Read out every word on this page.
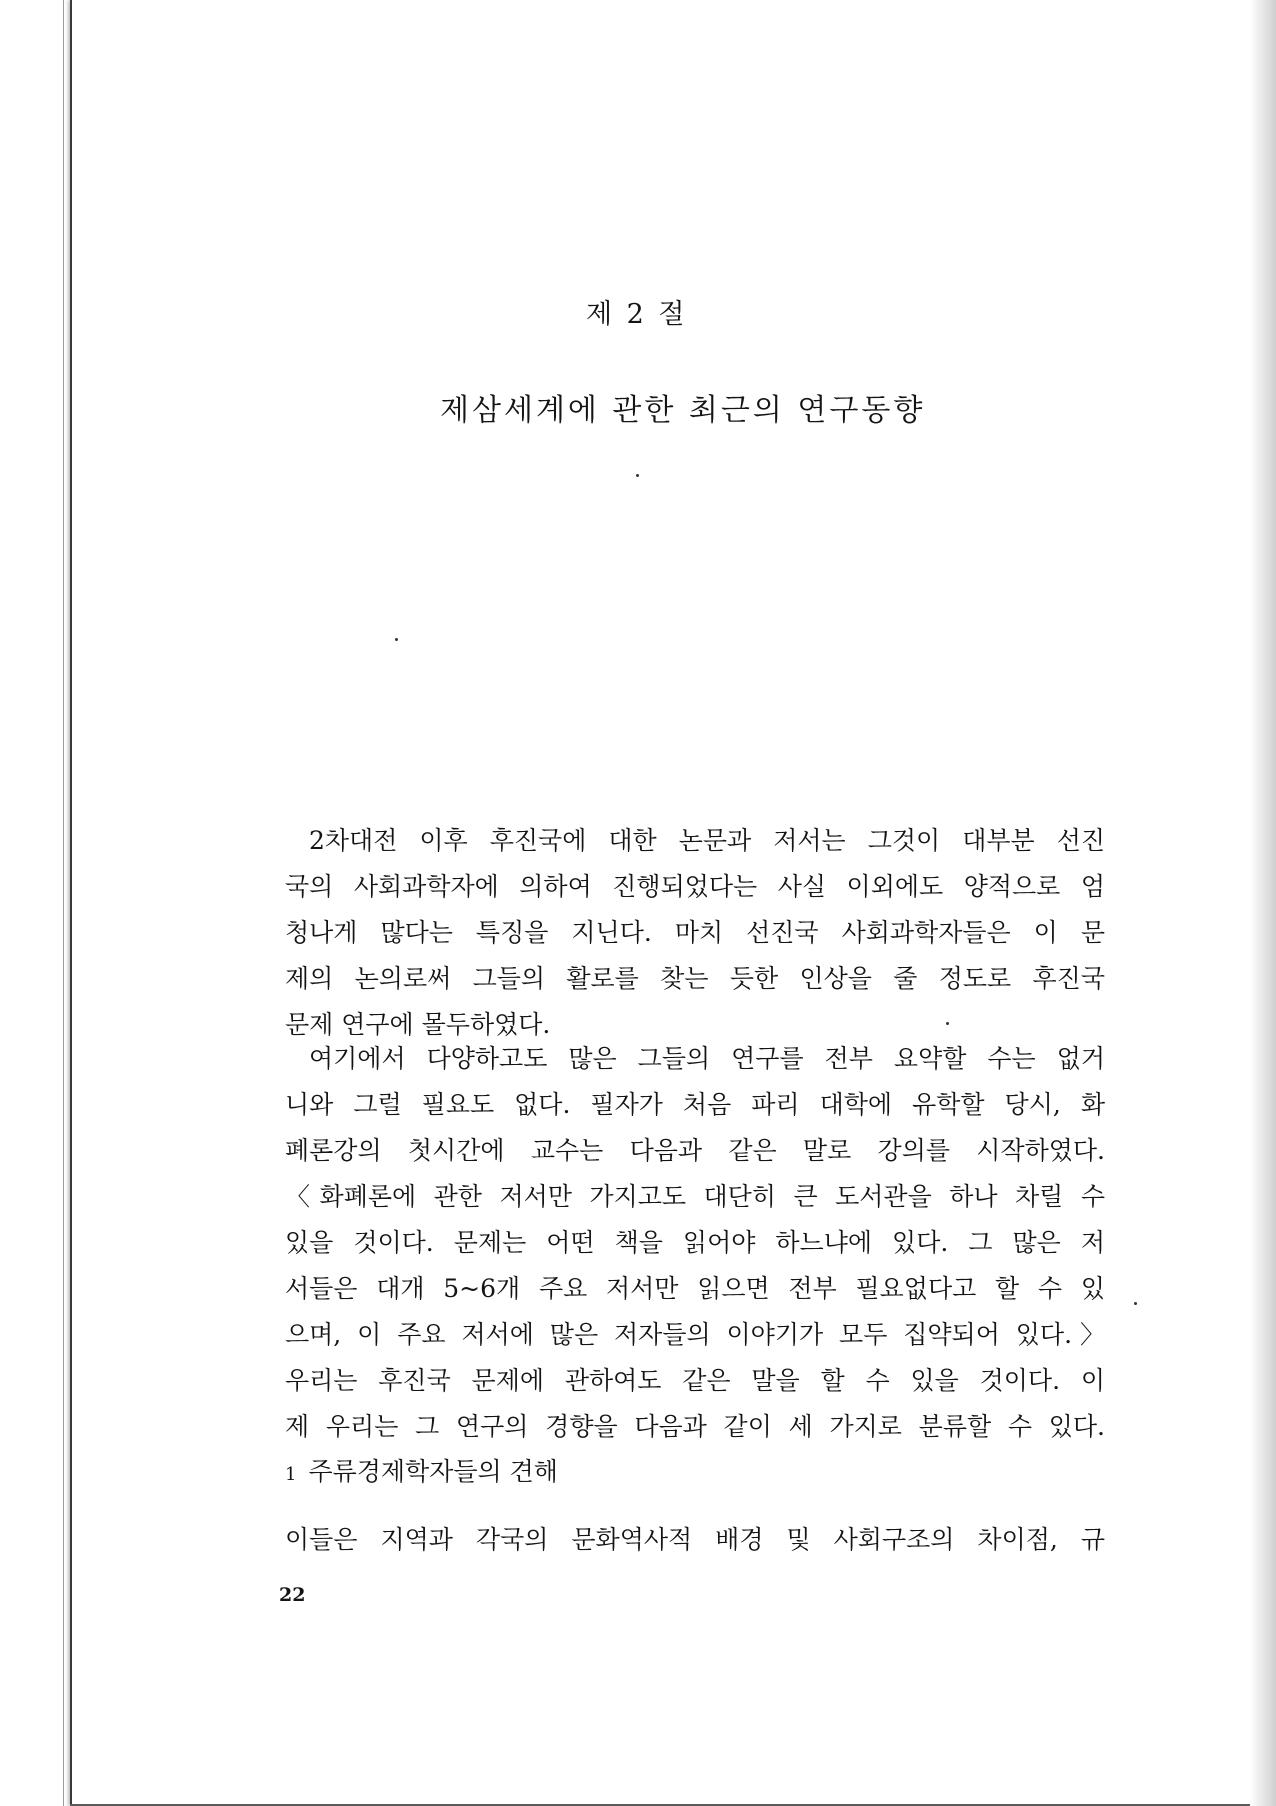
제 2 절
제삼세계에 관한 최근의 연구동향
2차대전 이후 후진국에 대한 논문과 저서는 그것이 대부분 선진
국의 사회과학자에 의하여 진행되었다는 사실 이외에도 양적으로 엄
청나게 많다는 특징을 지닌다. 마치 선진국 사회과학자들은 이 문
제의 논의로써 그들의 활로를 찾는 듯한 인상을 줄 정도로 후진국
문제 연구에 몰두하였다.
여기에서 다양하고도 많은 그들의 연구를 전부 요약할 수는 없거
니와 그럴 필요도 없다. 필자가 처음 파리 대학에 유학할 당시, 화
폐론강의 첫시간에 교수는 다음과 같은 말로 강의를 시작하였다.
〈화폐론에 관한 저서만 가지고도 대단히 큰 도서관을 하나 차릴 수
있을 것이다. 문제는 어떤 책을 읽어야 하느냐에 있다. 그 많은 저
서들은 대개 5~6개 주요 저서만 읽으면 전부 필요없다고 할 수 있
으며, 이 주요 저서에 많은 저자들의 이야기가 모두 집약되어 있다.〉
우리는 후진국 문제에 관하여도 같은 말을 할 수 있을 것이다. 이
제 우리는 그 연구의 경향을 다음과 같이 세 가지로 분류할 수 있다.
1 주류경제학자들의 견해
이들은 지역과 각국의 문화역사적 배경 및 사회구조의 차이점, 규

22
